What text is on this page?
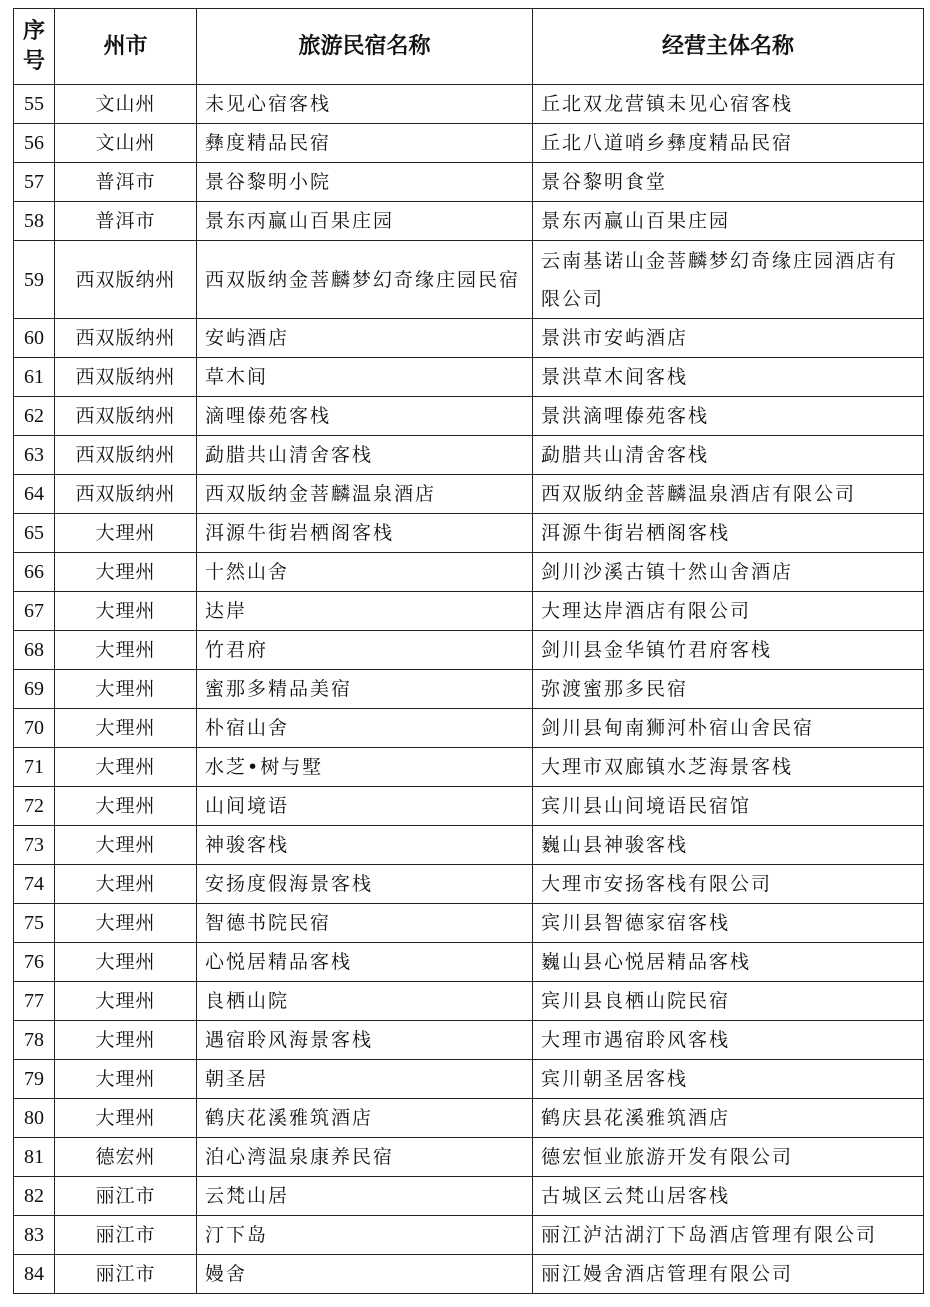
序号	州市	旅游民宿名称	经营主体名称
55	文山州	未见心宿客栈	丘北双龙营镇未见心宿客栈
56	文山州	彝度精品民宿	丘北八道哨乡彝度精品民宿
57	普洱市	景谷黎明小院	景谷黎明食堂
58	普洱市	景东丙赢山百果庄园	景东丙赢山百果庄园
59	西双版纳州	西双版纳金菩麟梦幻奇缘庄园民宿	云南基诺山金菩麟梦幻奇缘庄园酒店有限公司
60	西双版纳州	安屿酒店	景洪市安屿酒店
61	西双版纳州	草木间	景洪草木间客栈
62	西双版纳州	滴哩傣苑客栈	景洪滴哩傣苑客栈
63	西双版纳州	勐腊共山清舍客栈	勐腊共山清舍客栈
64	西双版纳州	西双版纳金菩麟温泉酒店	西双版纳金菩麟温泉酒店有限公司
65	大理州	洱源牛街岩栖阁客栈	洱源牛街岩栖阁客栈
66	大理州	十然山舍	剑川沙溪古镇十然山舍酒店
67	大理州	达岸	大理达岸酒店有限公司
68	大理州	竹君府	剑川县金华镇竹君府客栈
69	大理州	蜜那多精品美宿	弥渡蜜那多民宿
70	大理州	朴宿山舍	剑川县甸南狮河朴宿山舍民宿
71	大理州	水芝•树与墅	大理市双廊镇水芝海景客栈
72	大理州	山间境语	宾川县山间境语民宿馆
73	大理州	神骏客栈	巍山县神骏客栈
74	大理州	安扬度假海景客栈	大理市安扬客栈有限公司
75	大理州	智德书院民宿	宾川县智德家宿客栈
76	大理州	心悦居精品客栈	巍山县心悦居精品客栈
77	大理州	良栖山院	宾川县良栖山院民宿
78	大理州	遇宿聆风海景客栈	大理市遇宿聆风客栈
79	大理州	朝圣居	宾川朝圣居客栈
80	大理州	鹤庆花溪雅筑酒店	鹤庆县花溪雅筑酒店
81	德宏州	泊心湾温泉康养民宿	德宏恒业旅游开发有限公司
82	丽江市	云梵山居	古城区云梵山居客栈
83	丽江市	汀下岛	丽江泸沽湖汀下岛酒店管理有限公司
84	丽江市	嫚舍	丽江嫚舍酒店管理有限公司
